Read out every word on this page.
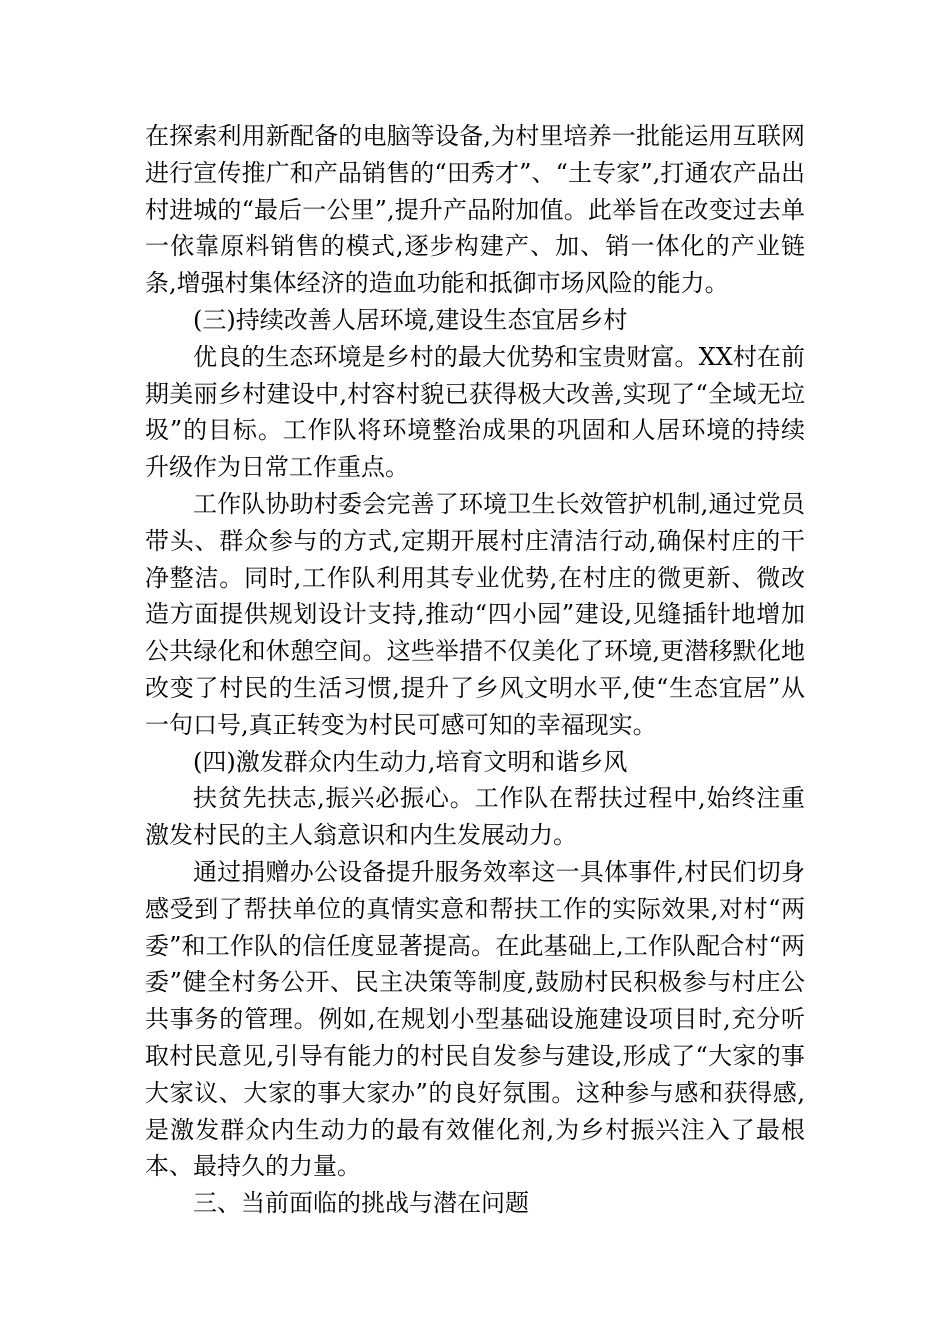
在探索利用新配备的电脑等设备,为村里培养一批能运用互联网进行宣传推广和产品销售的“田秀才”、“土专家”,打通农产品出村进城的“最后一公里”,提升产品附加值。此举旨在改变过去单一依靠原料销售的模式,逐步构建产、加、销一体化的产业链条,增强村集体经济的造血功能和抵御市场风险的能力。

(三)持续改善人居环境,建设生态宜居乡村

优良的生态环境是乡村的最大优势和宝贵财富。XX村在前期美丽乡村建设中,村容村貌已获得极大改善,实现了“全域无垃圾”的目标。工作队将环境整治成果的巩固和人居环境的持续升级作为日常工作重点。

工作队协助村委会完善了环境卫生长效管护机制,通过党员带头、群众参与的方式,定期开展村庄清洁行动,确保村庄的干净整洁。同时,工作队利用其专业优势,在村庄的微更新、微改造方面提供规划设计支持,推动“四小园”建设,见缝插针地增加公共绿化和休憩空间。这些举措不仅美化了环境,更潜移默化地改变了村民的生活习惯,提升了乡风文明水平,使“生态宜居”从一句口号,真正转变为村民可感可知的幸福现实。

(四)激发群众内生动力,培育文明和谐乡风

扶贫先扶志,振兴必振心。工作队在帮扶过程中,始终注重激发村民的主人翁意识和内生发展动力。

通过捐赠办公设备提升服务效率这一具体事件,村民们切身感受到了帮扶单位的真情实意和帮扶工作的实际效果,对村“两委”和工作队的信任度显著提高。在此基础上,工作队配合村“两委”健全村务公开、民主决策等制度,鼓励村民积极参与村庄公共事务的管理。例如,在规划小型基础设施建设项目时,充分听取村民意见,引导有能力的村民自发参与建设,形成了“大家的事大家议、大家的事大家办”的良好氛围。这种参与感和获得感,是激发群众内生动力的最有效催化剂,为乡村振兴注入了最根本、最持久的力量。

三、当前面临的挑战与潜在问题
